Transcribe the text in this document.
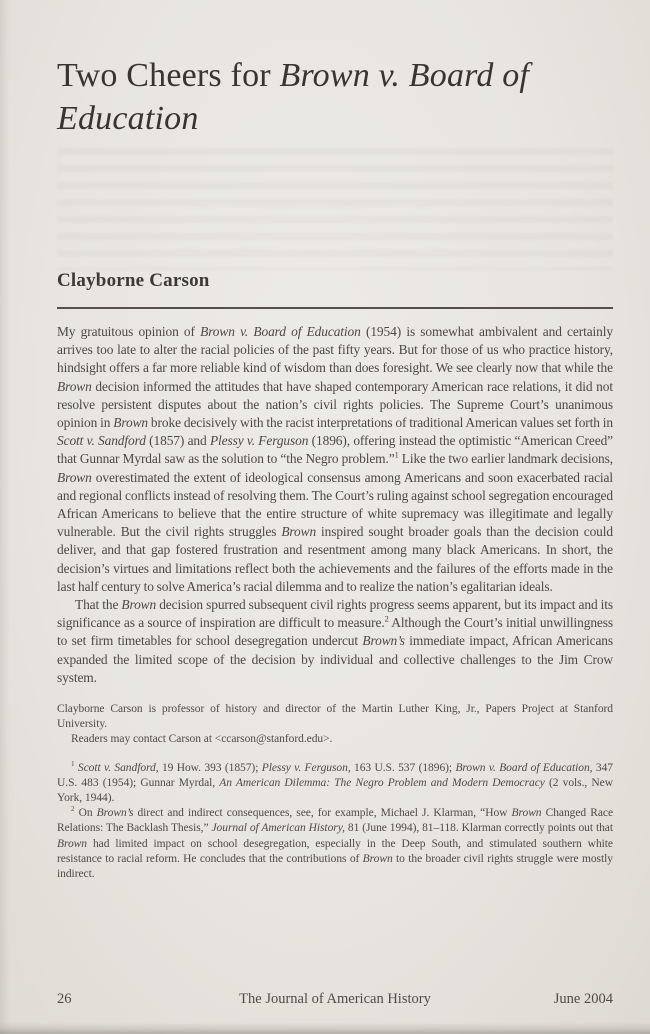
Two Cheers for Brown v. Board of Education
Clayborne Carson

My gratuitous opinion of Brown v. Board of Education (1954) is somewhat ambivalent and certainly arrives too late to alter the racial policies of the past fifty years. But for those of us who practice history, hindsight offers a far more reliable kind of wisdom than does foresight. We see clearly now that while the Brown decision informed the attitudes that have shaped contemporary American race relations, it did not resolve persistent disputes about the nation’s civil rights policies. The Supreme Court’s unanimous opinion in Brown broke decisively with the racist interpretations of traditional American values set forth in Scott v. Sandford (1857) and Plessy v. Ferguson (1896), offering instead the optimistic “American Creed” that Gunnar Myrdal saw as the solution to “the Negro problem.”$^1$ Like the two earlier landmark decisions, Brown overestimated the extent of ideological consensus among Americans and soon exacerbated racial and regional conflicts instead of resolving them. The Court’s ruling against school segregation encouraged African Americans to believe that the entire structure of white supremacy was illegitimate and legally vulnerable. But the civil rights struggles Brown inspired sought broader goals than the decision could deliver, and that gap fostered frustration and resentment among many black Americans. In short, the decision’s virtues and limitations reflect both the achievements and the failures of the efforts made in the last half century to solve America’s racial dilemma and to realize the nation’s egalitarian ideals.

That the Brown decision spurred subsequent civil rights progress seems apparent, but its impact and its significance as a source of inspiration are difficult to measure.$^2$ Although the Court’s initial unwillingness to set firm timetables for school desegregation undercut Brown’s immediate impact, African Americans expanded the limited scope of the decision by individual and collective challenges to the Jim Crow system.

Clayborne Carson is professor of history and director of the Martin Luther King, Jr., Papers Project at Stanford University.

Readers may contact Carson at <ccarson@stanford.edu>.

$^1$ Scott v. Sandford, 19 How. 393 (1857); Plessy v. Ferguson, 163 U.S. 537 (1896); Brown v. Board of Education, 347 U.S. 483 (1954); Gunnar Myrdal, An American Dilemma: The Negro Problem and Modern Democracy (2 vols., New York, 1944).

$^2$ On Brown’s direct and indirect consequences, see, for example, Michael J. Klarman, “How Brown Changed Race Relations: The Backlash Thesis,” Journal of American History, 81 (June 1994), 81–118. Klarman correctly points out that Brown had limited impact on school desegregation, especially in the Deep South, and stimulated southern white resistance to racial reform. He concludes that the contributions of Brown to the broader civil rights struggle were mostly indirect.

26	The Journal of American History	June 2004
